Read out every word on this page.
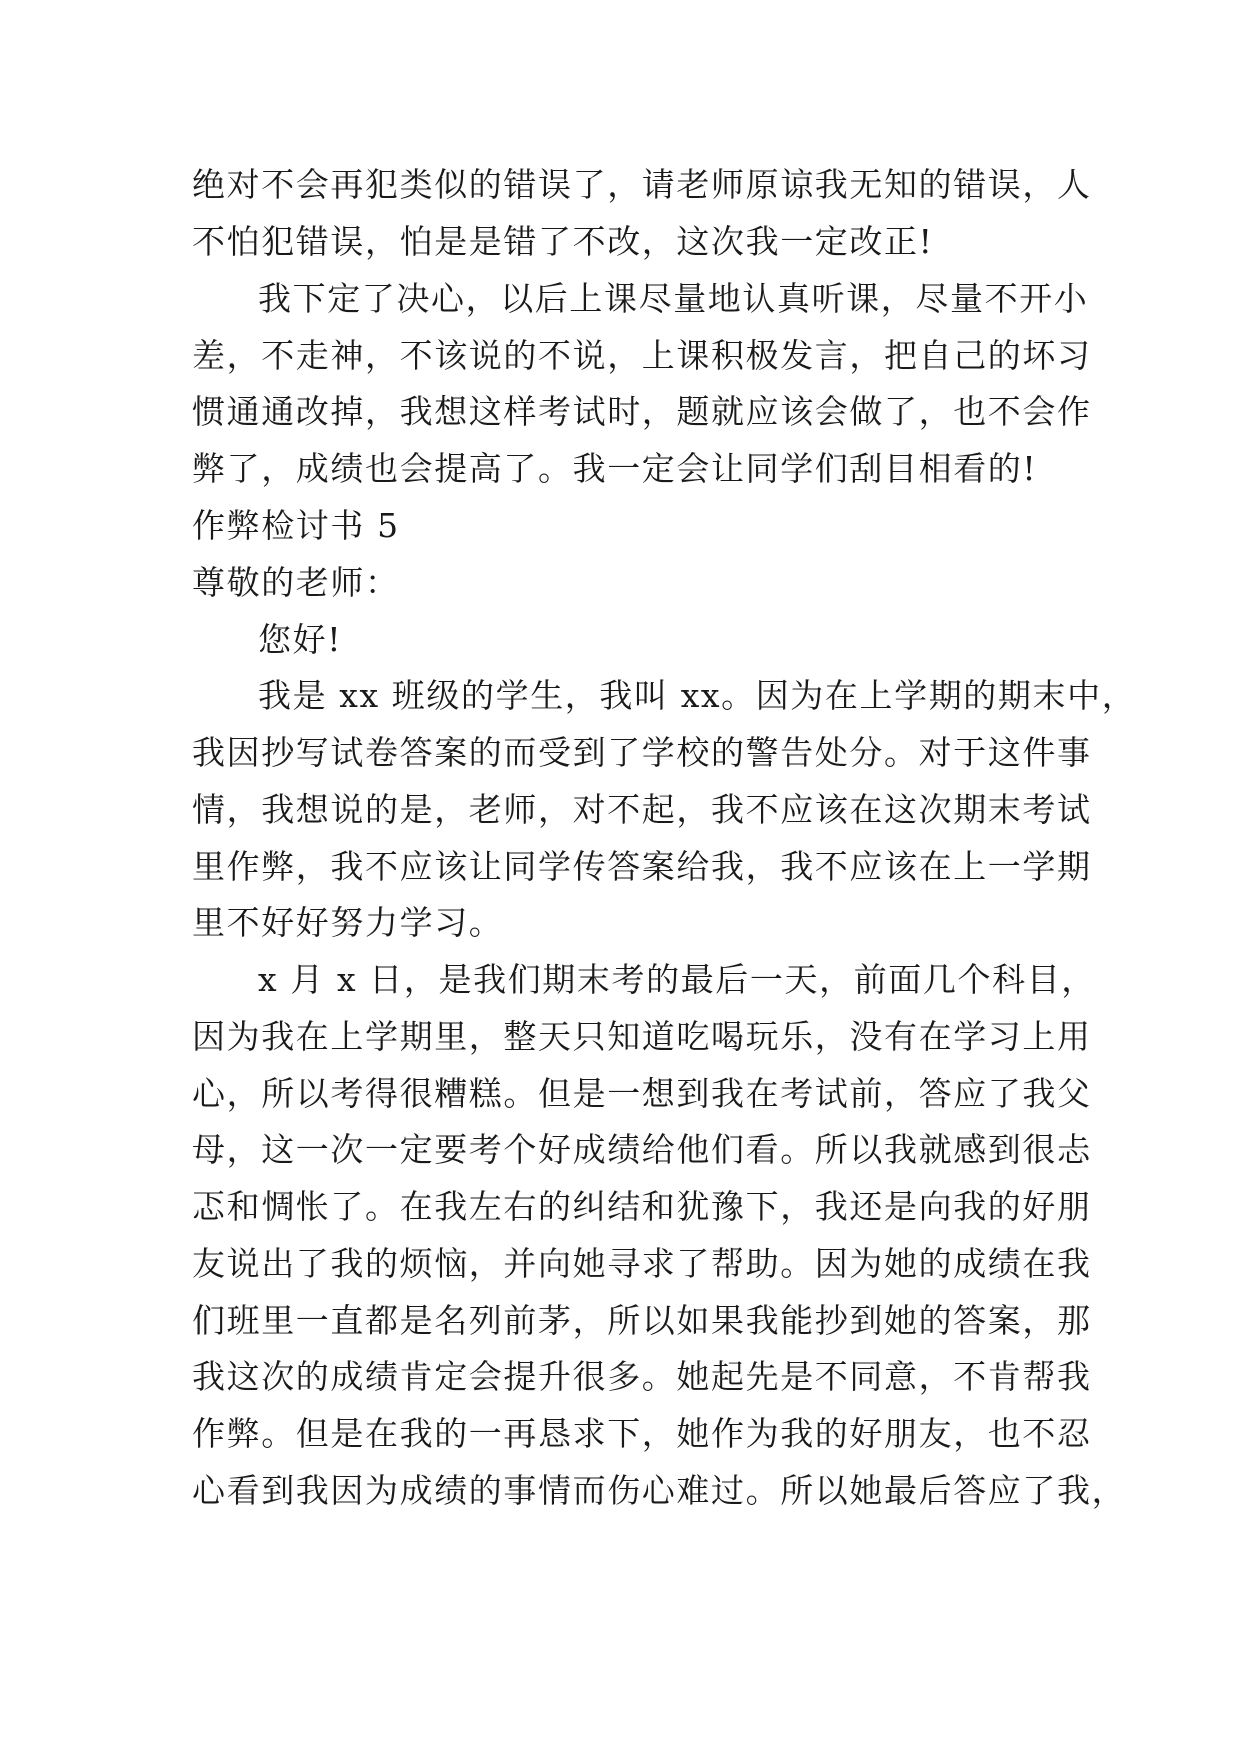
绝对不会再犯类似的错误了，请老师原谅我无知的错误，人
不怕犯错误，怕是是错了不改，这次我一定改正!
我下定了决心，以后上课尽量地认真听课，尽量不开小
差，不走神，不该说的不说，上课积极发言，把自己的坏习
惯通通改掉，我想这样考试时，题就应该会做了，也不会作
弊了，成绩也会提高了。我一定会让同学们刮目相看的!
作弊检讨书 5
尊敬的老师：
您好!
我是 xx 班级的学生，我叫 xx。因为在上学期的期末中，
我因抄写试卷答案的而受到了学校的警告处分。对于这件事
情，我想说的是，老师，对不起，我不应该在这次期末考试
里作弊，我不应该让同学传答案给我，我不应该在上一学期
里不好好努力学习。
x 月 x 日，是我们期末考的最后一天，前面几个科目，
因为我在上学期里，整天只知道吃喝玩乐，没有在学习上用
心，所以考得很糟糕。但是一想到我在考试前，答应了我父
母，这一次一定要考个好成绩给他们看。所以我就感到很忐
忑和惆怅了。在我左右的纠结和犹豫下，我还是向我的好朋
友说出了我的烦恼，并向她寻求了帮助。因为她的成绩在我
们班里一直都是名列前茅，所以如果我能抄到她的答案，那
我这次的成绩肯定会提升很多。她起先是不同意，不肯帮我
作弊。但是在我的一再恳求下，她作为我的好朋友，也不忍
心看到我因为成绩的事情而伤心难过。所以她最后答应了我，
